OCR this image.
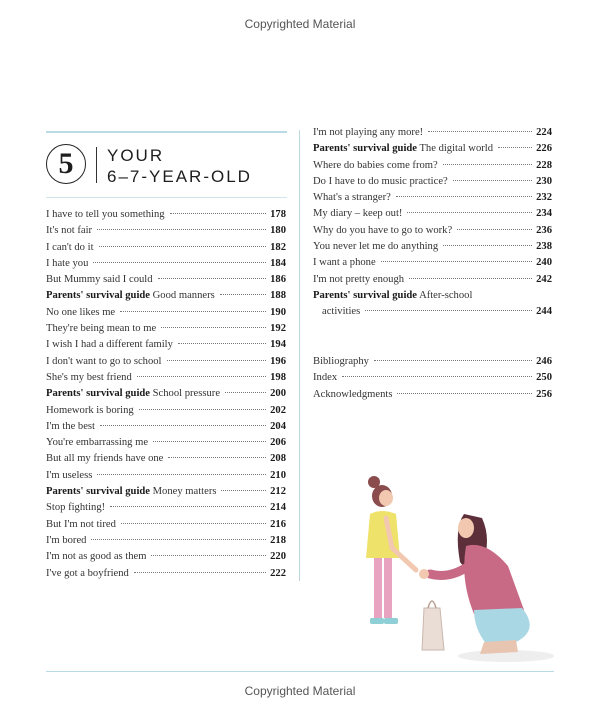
Copyrighted Material
5	YOUR
6–7-YEAR-OLD
I have to tell you something	178
It's not fair	180
I can't do it	182
I hate you	184
But Mummy said I could	186
Parents' survival guide Good manners	188
No one likes me	190
They're being mean to me	192
I wish I had a different family	194
I don't want to go to school	196
She's my best friend	198
Parents' survival guide School pressure	200
Homework is boring	202
I'm the best	204
You're embarrassing me	206
But all my friends have one	208
I'm useless	210
Parents' survival guide Money matters	212
Stop fighting!	214
But I'm not tired	216
I'm bored	218
I'm not as good as them	220
I've got a boyfriend	222
I'm not playing any more!	224
Parents' survival guide The digital world	226
Where do babies come from?	228
Do I have to do music practice?	230
What's a stranger?	232
My diary – keep out!	234
Why do you have to go to work?	236
You never let me do anything	238
I want a phone	240
I'm not pretty enough	242
Parents' survival guide After-school
activities	244
Bibliography	246
Index	250
Acknowledgments	256
Copyrighted Material
